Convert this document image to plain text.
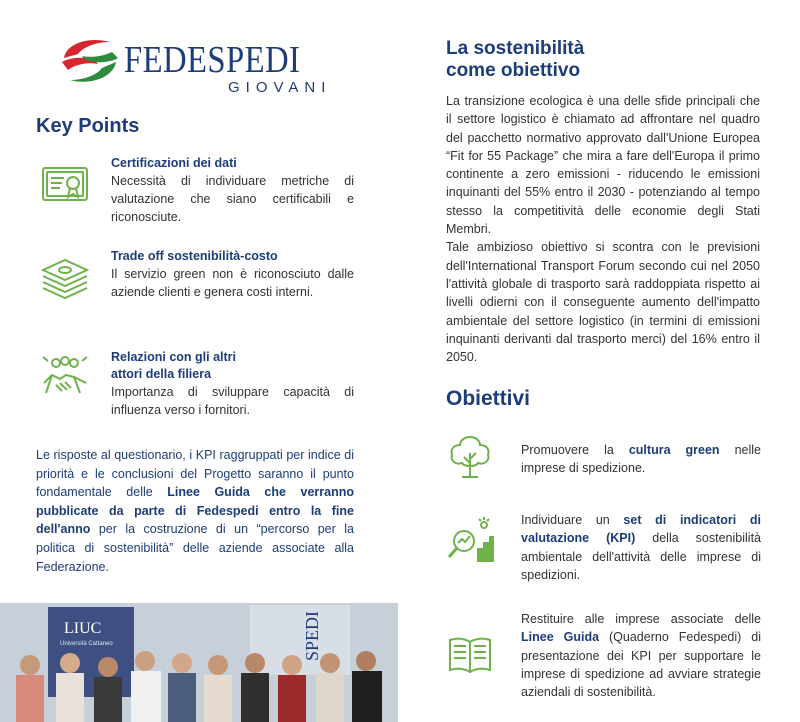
FEDESPEDI
GIOVANI
Key Points
Certificazioni dei dati
Necessità di individuare metriche di valutazione che siano certificabili e riconosciute.
Trade off sostenibilità-costo
Il servizio green non è riconosciuto dalle aziende clienti e genera costi interni.
Relazioni con gli altri attori della filiera
Importanza di sviluppare capacità di influenza verso i fornitori.
Le risposte al questionario, i KPI raggruppati per indice di priorità e le conclusioni del Progetto saranno il punto fondamentale delle Linee Guida che verranno pubblicate da parte di Fedespedi entro la fine dell'anno per la costruzione di un “percorso per la politica di sostenibilità” delle aziende associate alla Federazione.
LIUC
Università Cattaneo	SPEDI
La sostenibilità
come obiettivo
La transizione ecologica è una delle sfide principali che il settore logistico è chiamato ad affrontare nel quadro del pacchetto normativo approvato dall'Unione Europea “Fit for 55 Package” che mira a fare dell'Europa il primo continente a zero emissioni - riducendo le emissioni inquinanti del 55% entro il 2030 - potenziando al tempo stesso la competitività delle economie degli Stati Membri.
Tale ambizioso obiettivo si scontra con le previsioni dell'International Transport Forum secondo cui nel 2050 l'attività globale di trasporto sarà raddoppiata rispetto ai livelli odierni con il conseguente aumento dell'impatto ambientale del settore logistico (in termini di emissioni inquinanti derivanti dal trasporto merci) del 16% entro il 2050.
Obiettivi
Promuovere la cultura green nelle imprese di spedizione.
Individuare un set di indicatori di valutazione (KPI) della sostenibilità ambientale dell'attività delle imprese di spedizioni.
Restituire alle imprese associate delle Linee Guida (Quaderno Fedespedi) di presentazione dei KPI per supportare le imprese di spedizione ad avviare strategie aziendali di sostenibilità.
